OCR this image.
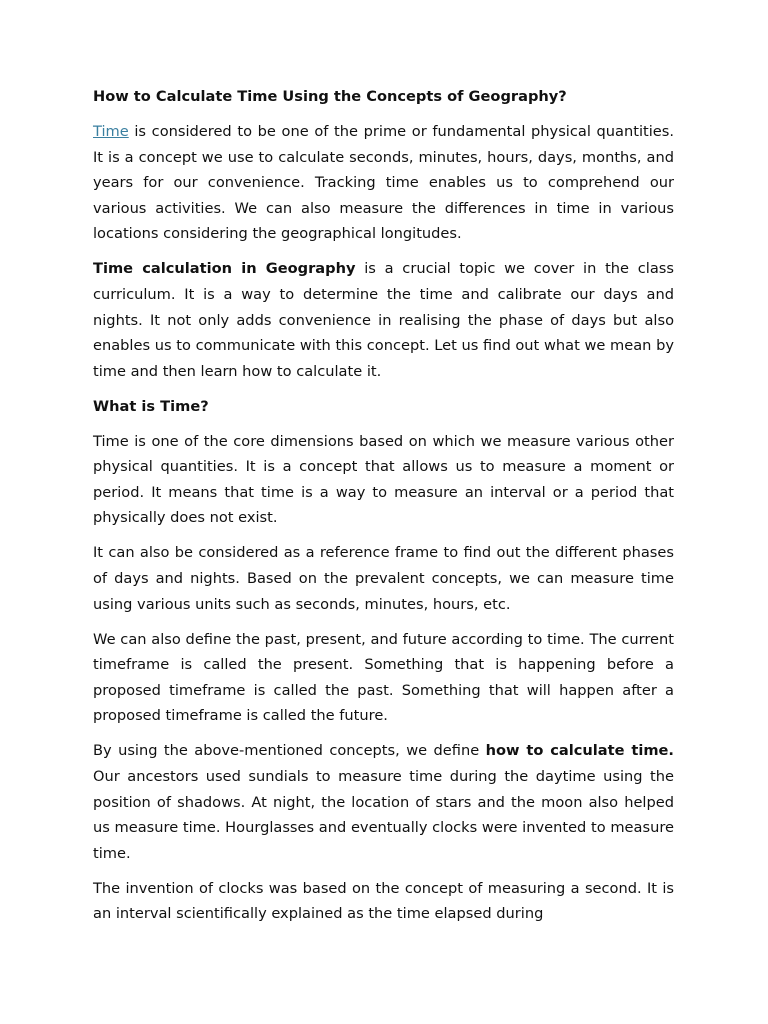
How to Calculate Time Using the Concepts of Geography?

Time is considered to be one of the prime or fundamental physical quantities. It is a concept we use to calculate seconds, minutes, hours, days, months, and years for our convenience. Tracking time enables us to comprehend our various activities. We can also measure the differences in time in various locations considering the geographical longitudes.

Time calculation in Geography is a crucial topic we cover in the class curriculum. It is a way to determine the time and calibrate our days and nights. It not only adds convenience in realising the phase of days but also enables us to communicate with this concept. Let us find out what we mean by time and then learn how to calculate it.

What is Time?

Time is one of the core dimensions based on which we measure various other physical quantities. It is a concept that allows us to measure a moment or period. It means that time is a way to measure an interval or a period that physically does not exist.

It can also be considered as a reference frame to find out the different phases of days and nights. Based on the prevalent concepts, we can measure time using various units such as seconds, minutes, hours, etc.

We can also define the past, present, and future according to time. The current timeframe is called the present. Something that is happening before a proposed timeframe is called the past. Something that will happen after a proposed timeframe is called the future.

By using the above-mentioned concepts, we define how to calculate time. Our ancestors used sundials to measure time during the daytime using the position of shadows. At night, the location of stars and the moon also helped us measure time. Hourglasses and eventually clocks were invented to measure time.

The invention of clocks was based on the concept of measuring a second. It is an interval scientifically explained as the time elapsed during
